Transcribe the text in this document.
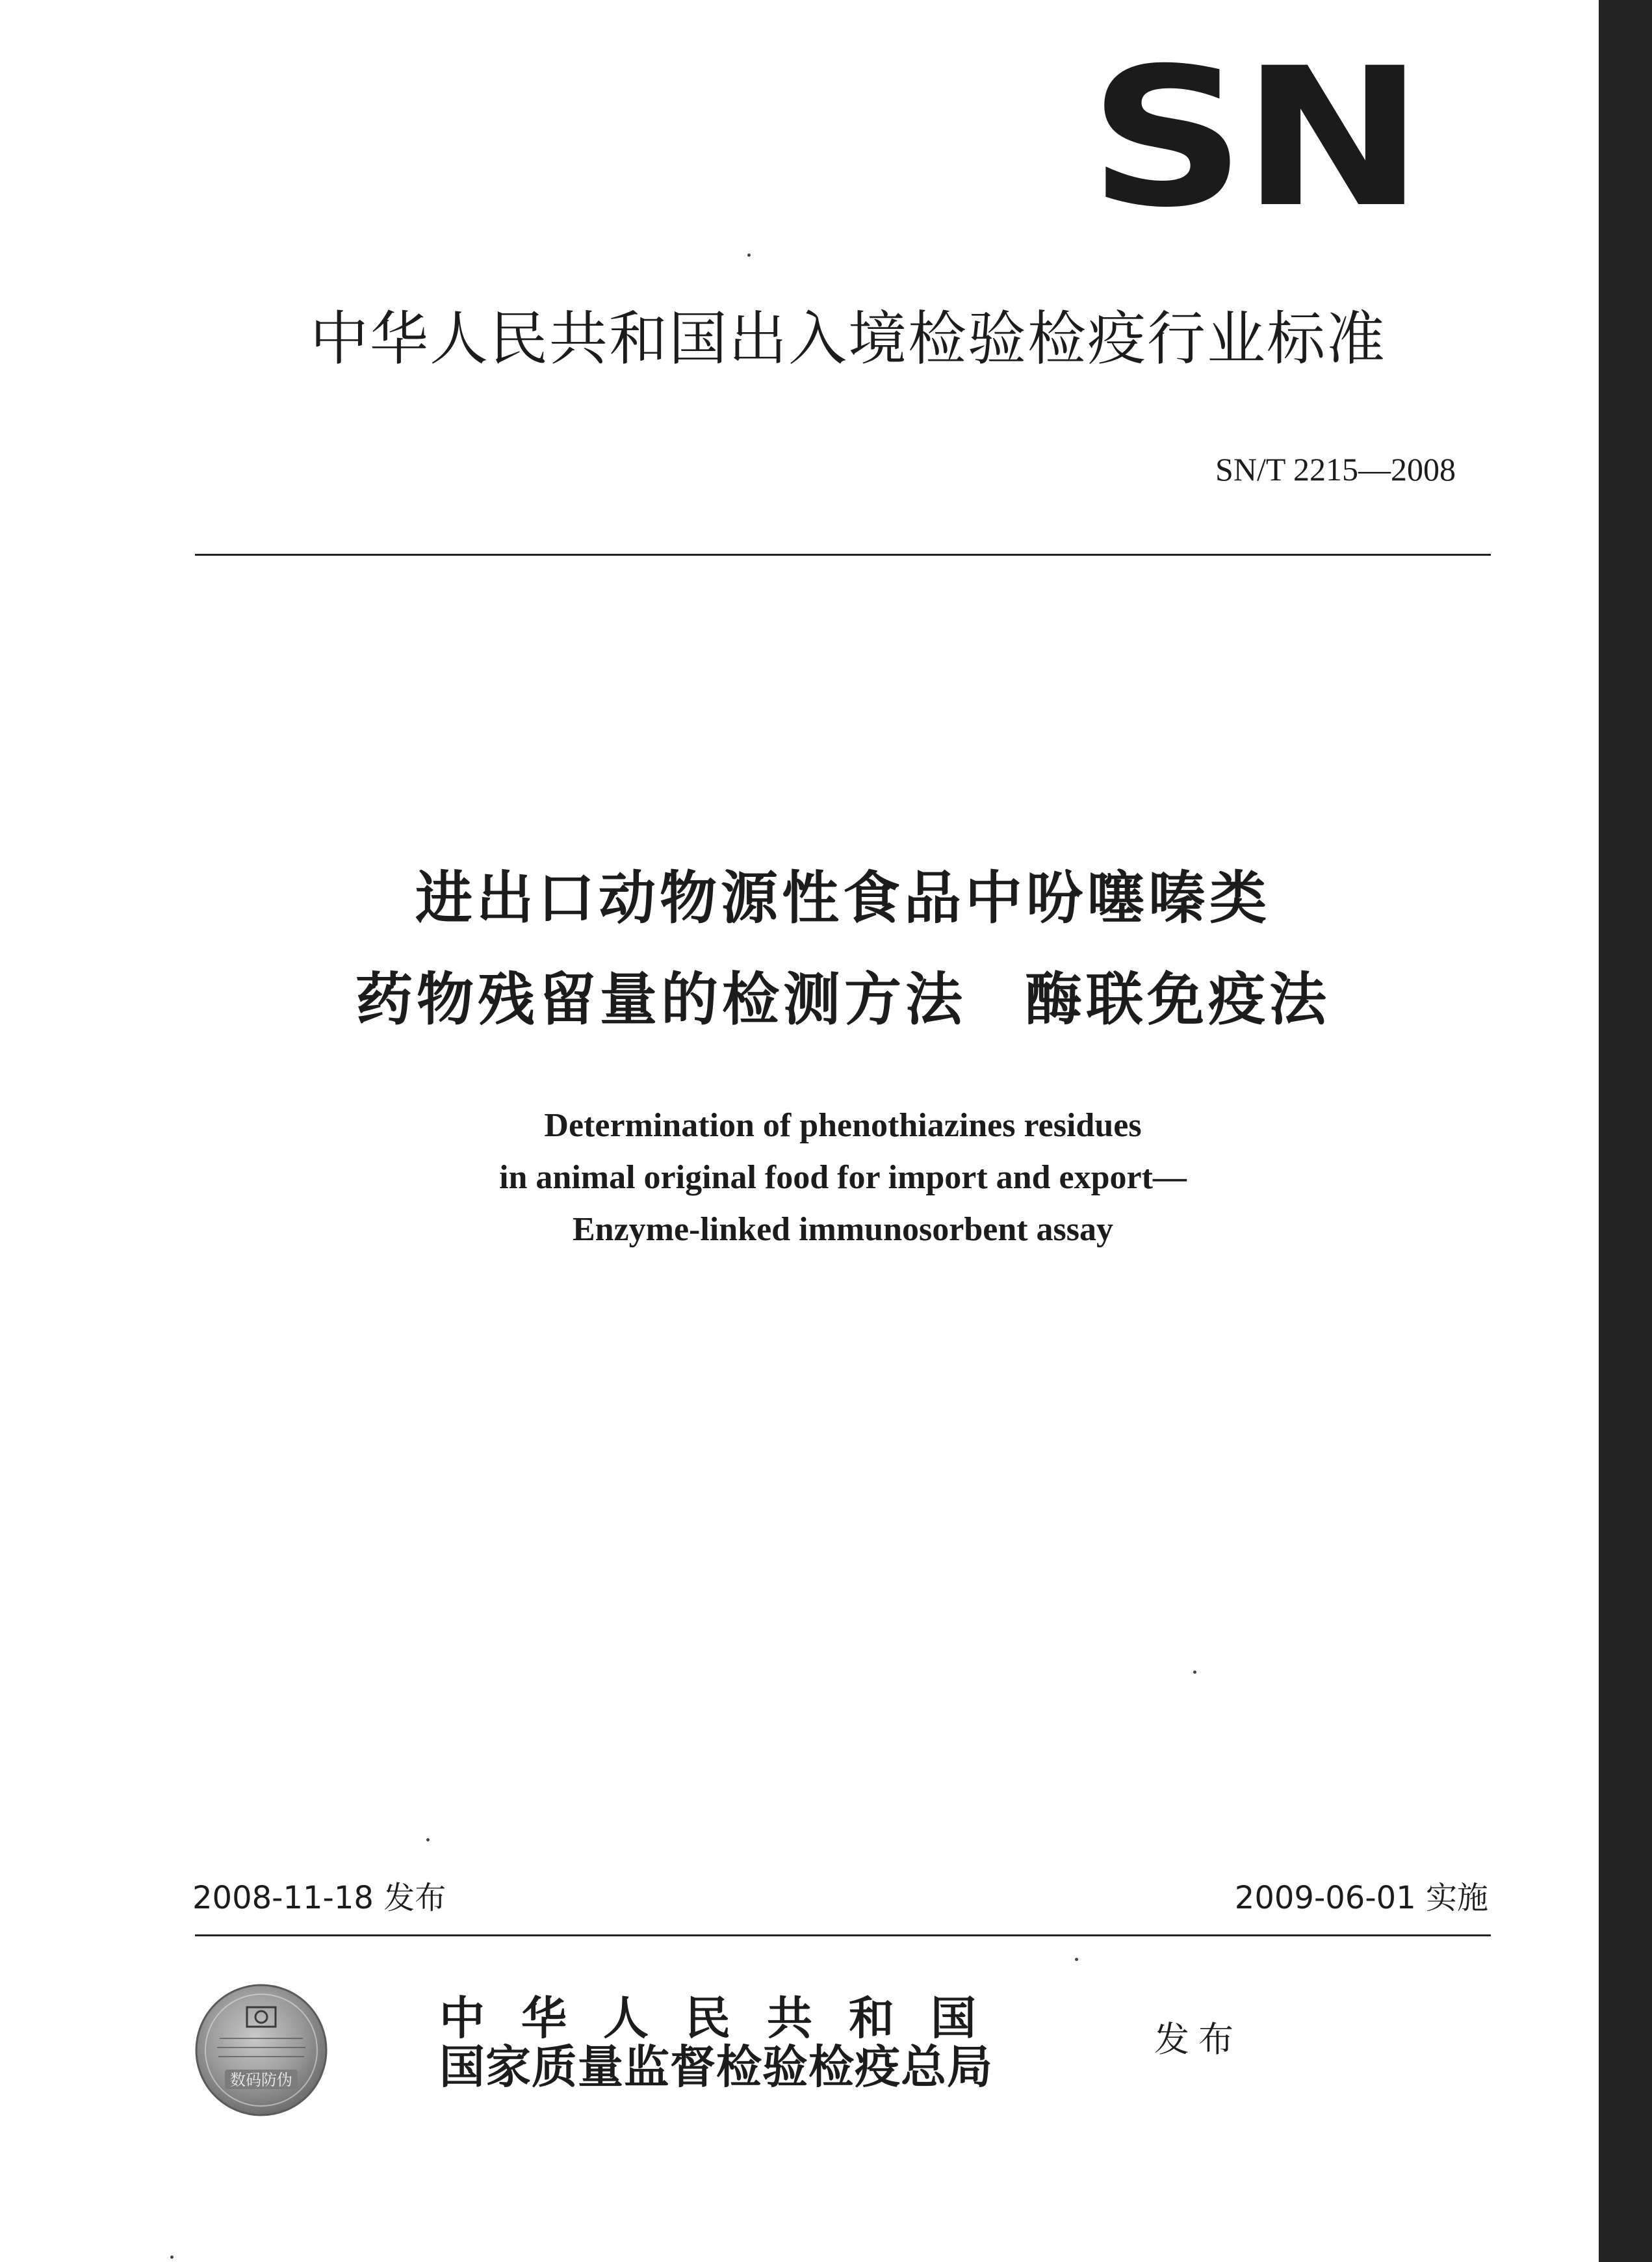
SN
中华人民共和国出入境检验检疫行业标准
SN/T 2215—2008
进出口动物源性食品中吩噻嗪类
药物残留量的检测方法 酶联免疫法
Determination of phenothiazines residues
in animal original food for import and export—
Enzyme-linked immunosorbent assay
2008-11-18 发布	2009-06-01 实施
数码防伪
中华人民共和国
国家质量监督检验检疫总局
发布
